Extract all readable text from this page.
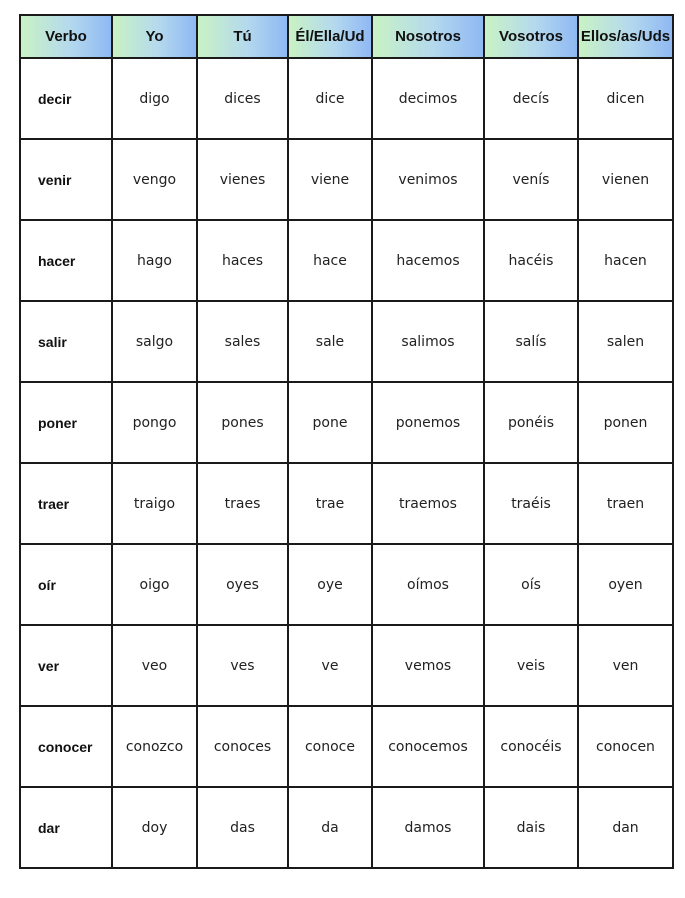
Verbo	Yo	Tú	Él/Ella/Ud	Nosotros	Vosotros	Ellos/as/Uds
decir	digo	dices	dice	decimos	decís	dicen
venir	vengo	vienes	viene	venimos	venís	vienen
hacer	hago	haces	hace	hacemos	hacéis	hacen
salir	salgo	sales	sale	salimos	salís	salen
poner	pongo	pones	pone	ponemos	ponéis	ponen
traer	traigo	traes	trae	traemos	traéis	traen
oír	oigo	oyes	oye	oímos	oís	oyen
ver	veo	ves	ve	vemos	veis	ven
conocer	conozco	conoces	conoce	conocemos	conocéis	conocen
dar	doy	das	da	damos	dais	dan
